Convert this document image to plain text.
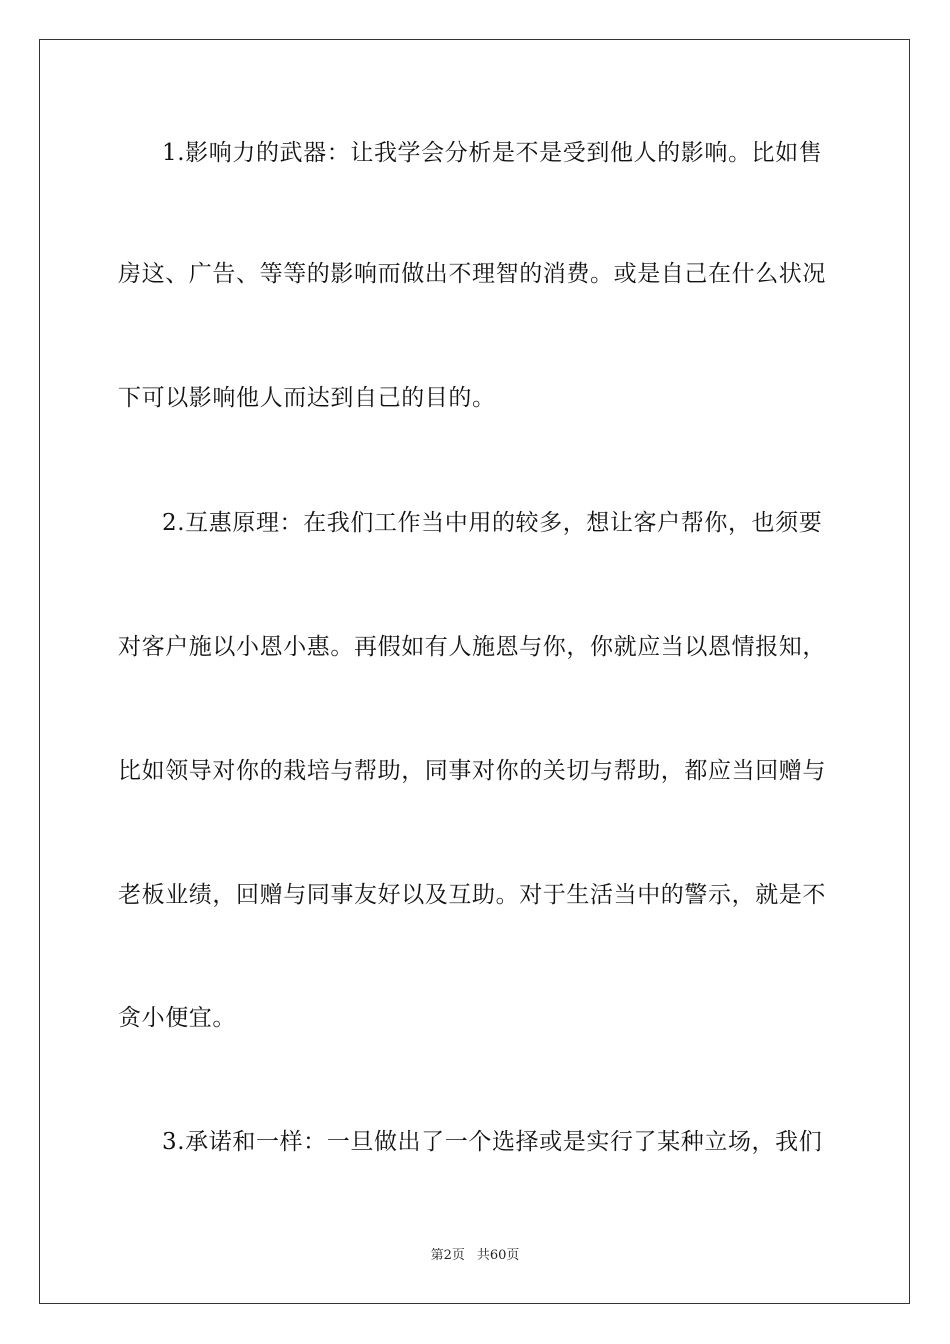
1.影响力的武器：让我学会分析是不是受到他人的影响。比如售
房这、广告、等等的影响而做出不理智的消费。或是自己在什么状况
下可以影响他人而达到自己的目的。
2.互惠原理：在我们工作当中用的较多，想让客户帮你，也须要
对客户施以小恩小惠。再假如有人施恩与你，你就应当以恩情报知，
比如领导对你的栽培与帮助，同事对你的关切与帮助，都应当回赠与
老板业绩，回赠与同事友好以及互助。对于生活当中的警示，就是不
贪小便宜。
3.承诺和一样：一旦做出了一个选择或是实行了某种立场，我们
第2页 共60页
